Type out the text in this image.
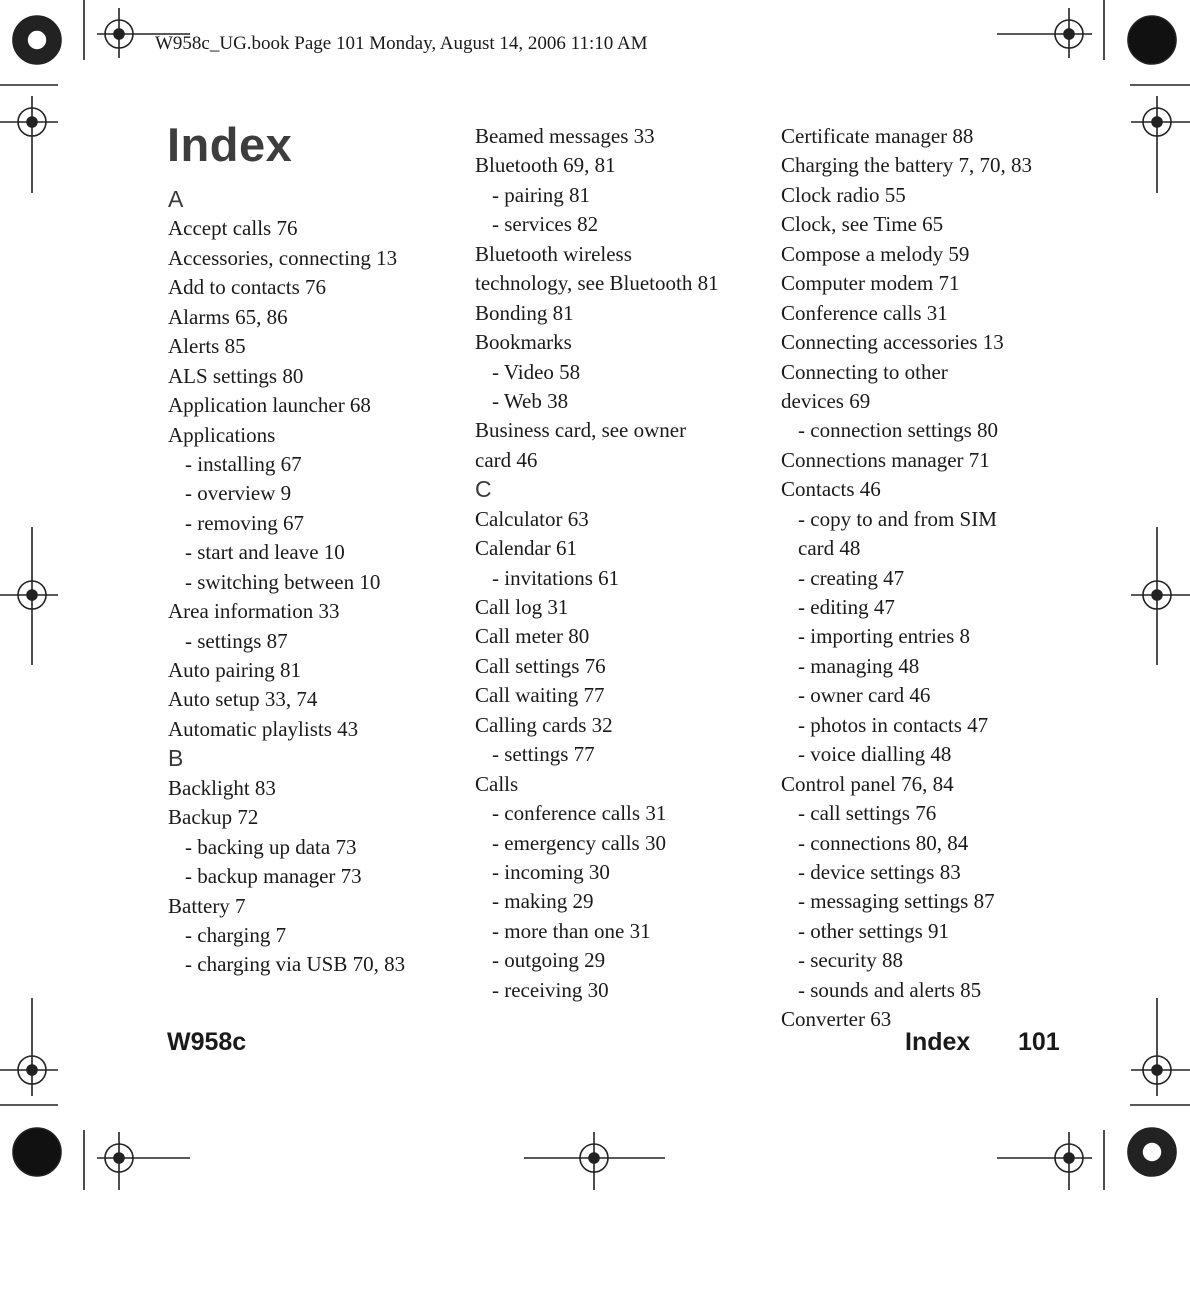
W958c_UG.book Page 101 Monday, August 14, 2006 11:10 AM
Index
A
Accept calls 76
Accessories, connecting 13
Add to contacts 76
Alarms 65, 86
Alerts 85
ALS settings 80
Application launcher 68
Applications
- installing 67
- overview 9
- removing 67
- start and leave 10
- switching between 10
Area information 33
- settings 87
Auto pairing 81
Auto setup 33, 74
Automatic playlists 43
B
Backlight 83
Backup 72
- backing up data 73
- backup manager 73
Battery 7
- charging 7
- charging via USB 70, 83
Beamed messages 33
Bluetooth 69, 81
- pairing 81
- services 82
Bluetooth wireless
technology, see Bluetooth 81
Bonding 81
Bookmarks
- Video 58
- Web 38
Business card, see owner
card 46
C
Calculator 63
Calendar 61
- invitations 61
Call log 31
Call meter 80
Call settings 76
Call waiting 77
Calling cards 32
- settings 77
Calls
- conference calls 31
- emergency calls 30
- incoming 30
- making 29
- more than one 31
- outgoing 29
- receiving 30
Certificate manager 88
Charging the battery 7, 70, 83
Clock radio 55
Clock, see Time 65
Compose a melody 59
Computer modem 71
Conference calls 31
Connecting accessories 13
Connecting to other
devices 69
- connection settings 80
Connections manager 71
Contacts 46
- copy to and from SIM
card 48
- creating 47
- editing 47
- importing entries 8
- managing 48
- owner card 46
- photos in contacts 47
- voice dialling 48
Control panel 76, 84
- call settings 76
- connections 80, 84
- device settings 83
- messaging settings 87
- other settings 91
- security 88
- sounds and alerts 85
Converter 63
W958c	Index 101
